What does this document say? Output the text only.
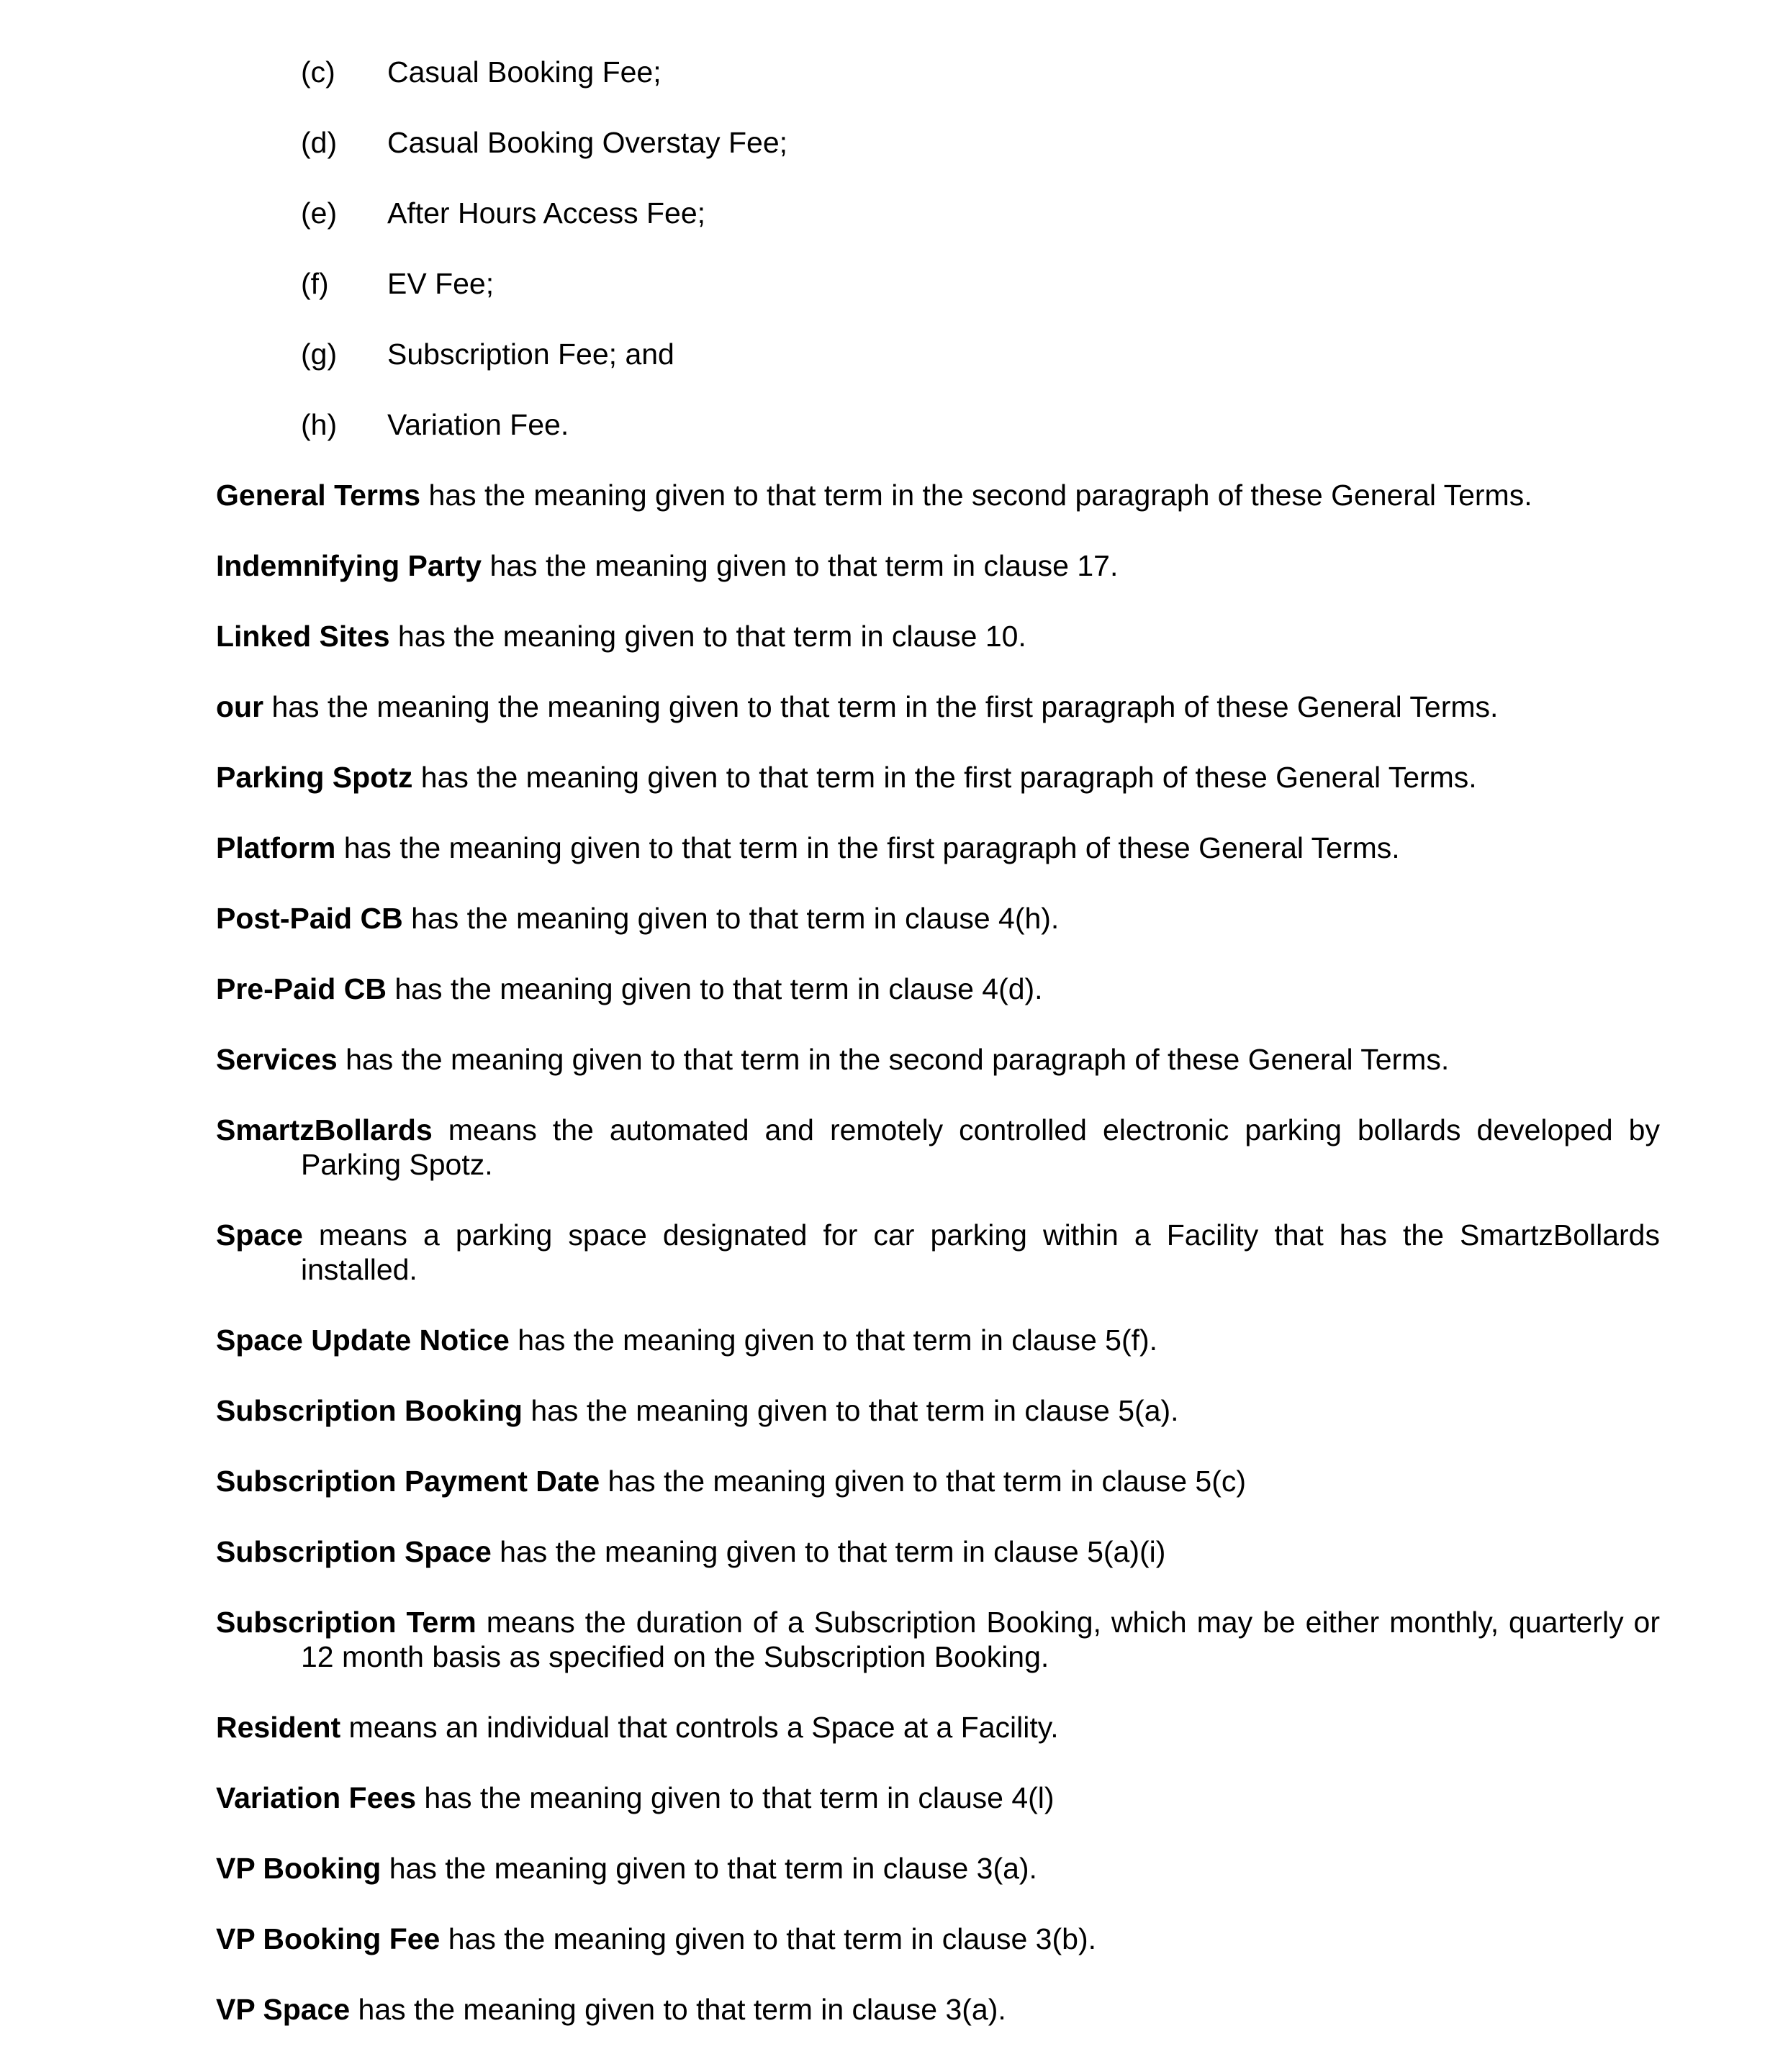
(c) Casual Booking Fee;
(d) Casual Booking Overstay Fee;
(e) After Hours Access Fee;
(f) EV Fee;
(g) Subscription Fee; and
(h) Variation Fee.
General Terms has the meaning given to that term in the second paragraph of these General Terms.
Indemnifying Party has the meaning given to that term in clause 17.
Linked Sites has the meaning given to that term in clause 10.
our has the meaning the meaning given to that term in the first paragraph of these General Terms.
Parking Spotz has the meaning given to that term in the first paragraph of these General Terms.
Platform has the meaning given to that term in the first paragraph of these General Terms.
Post-Paid CB has the meaning given to that term in clause 4(h).
Pre-Paid CB has the meaning given to that term in clause 4(d).
Services has the meaning given to that term in the second paragraph of these General Terms.
SmartzBollards means the automated and remotely controlled electronic parking bollards developed by Parking Spotz.
Space means a parking space designated for car parking within a Facility that has the SmartzBollards installed.
Space Update Notice has the meaning given to that term in clause 5(f).
Subscription Booking has the meaning given to that term in clause 5(a).
Subscription Payment Date has the meaning given to that term in clause 5(c)
Subscription Space has the meaning given to that term in clause 5(a)(i)
Subscription Term means the duration of a Subscription Booking, which may be either monthly, quarterly or 12 month basis as specified on the Subscription Booking.
Resident means an individual that controls a Space at a Facility.
Variation Fees has the meaning given to that term in clause 4(l)
VP Booking has the meaning given to that term in clause 3(a).
VP Booking Fee has the meaning given to that term in clause 3(b).
VP Space has the meaning given to that term in clause 3(a).
